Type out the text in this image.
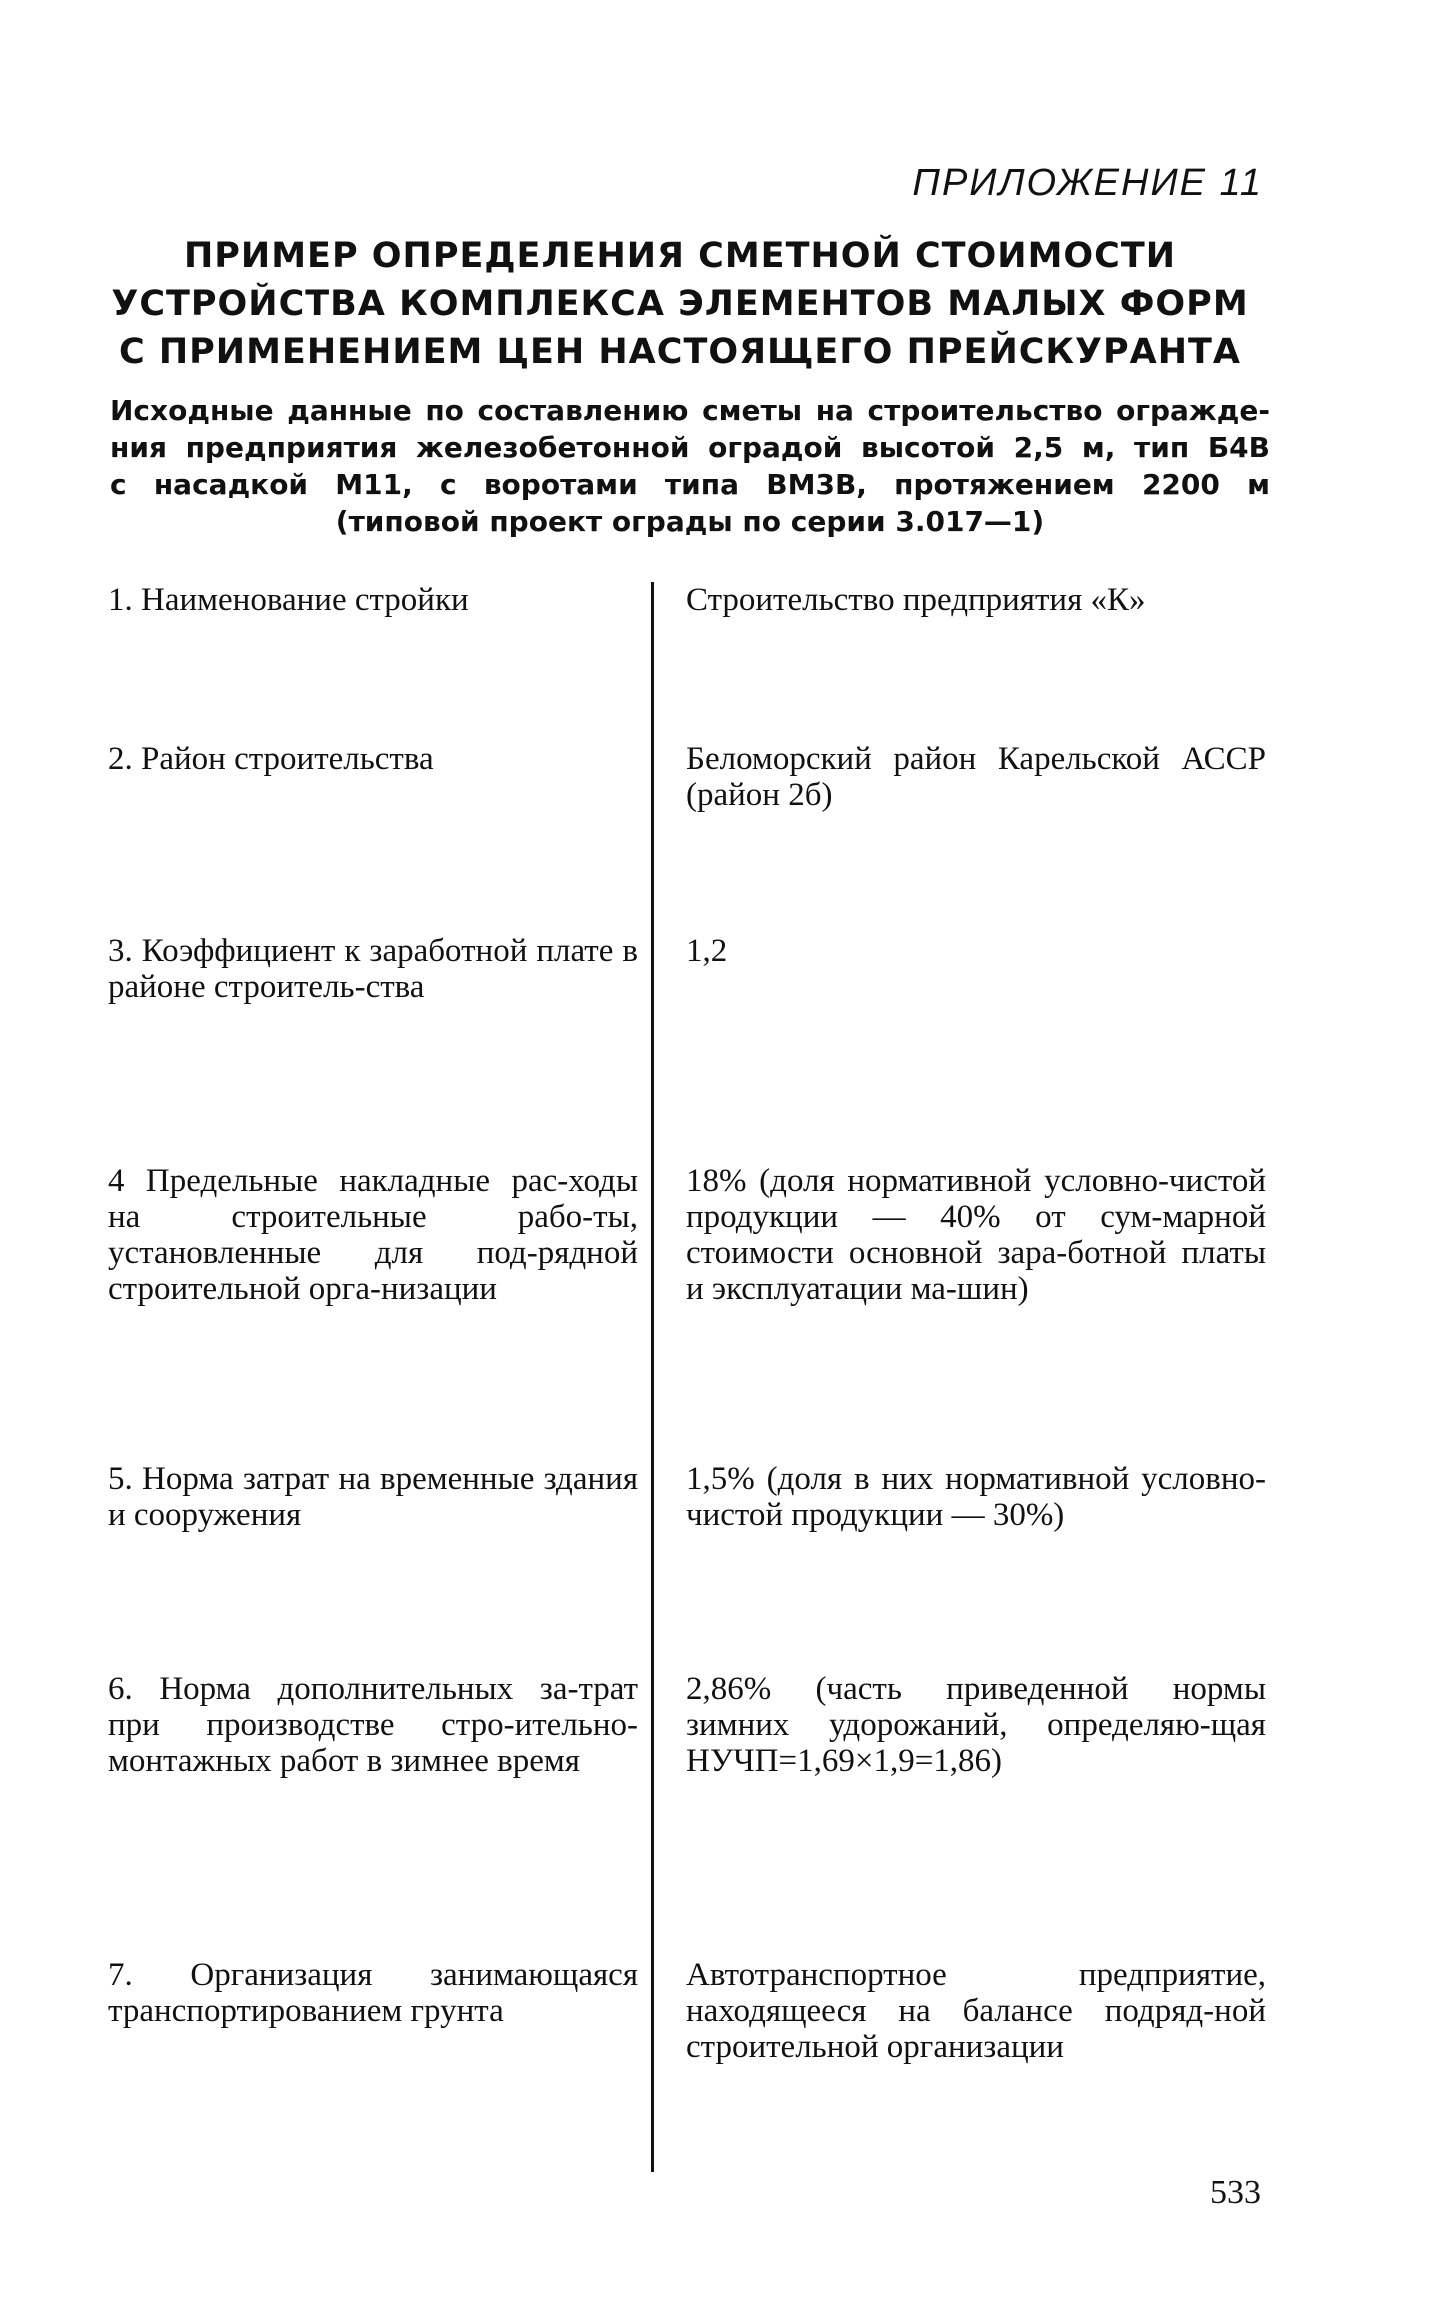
ПРИЛОЖЕНИЕ 11
ПРИМЕР ОПРЕДЕЛЕНИЯ СМЕТНОЙ СТОИМОСТИ
УСТРОЙСТВА КОМПЛЕКСА ЭЛЕМЕНТОВ МАЛЫХ ФОРМ
С ПРИМЕНЕНИЕМ ЦЕН НАСТОЯЩЕГО ПРЕЙСКУРАНТА
Исходные данные по составлению сметы на строительство огражде-
ния предприятия железобетонной оградой высотой 2,5 м, тип Б4В
с насадкой М11, с воротами типа ВМ3В, протяжением 2200 м
(типовой проект ограды по серии 3.017—1)
1. Наименование стройки	Строительство предприятия «К»
2. Район строительства	Беломорский район Карельской АССР (район 2б)
3. Коэффициент к заработной плате в районе строитель-ства
1,2
4 Предельные накладные рас-ходы на строительные рабо-ты, установленные для под-рядной строительной орга-низации
18% (доля нормативной условно-чистой продукции — 40% от сум-марной стоимости основной зара-ботной платы и эксплуатации ма-шин)
5. Норма затрат на временные здания и сооружения
1,5% (доля в них нормативной условно-чистой продукции — 30%)
6. Норма дополнительных за-трат при производстве стро-ительно-монтажных работ в зимнее время
2,86% (часть приведенной нормы зимних удорожаний, определяю-щая НУЧП=1,69×1,9=1,86)
7. Организация занимающаяся транспортированием грунта
Автотранспортное предприятие, находящееся на балансе подряд-ной строительной организации
533
